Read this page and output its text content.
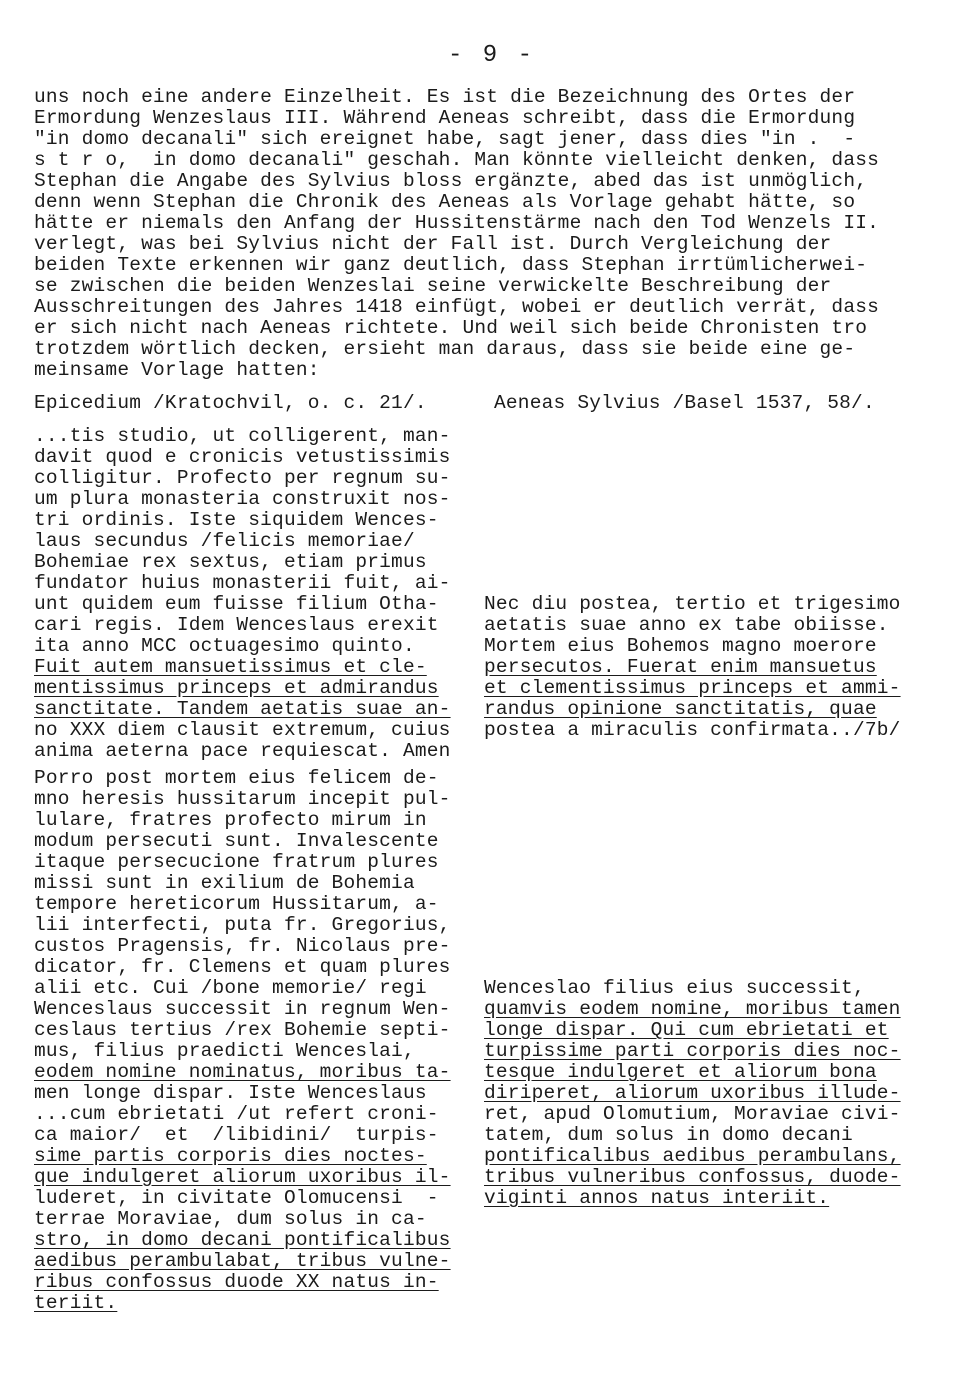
- 9 -
uns noch eine andere Einzelheit. Es ist die Bezeichnung des Ortes der
Ermordung Wenzeslaus III. Während Aeneas schreibt, dass die Ermordung
"in domo decanali" sich ereignet habe, sagt jener, dass dies "in .  -
s t r o,  in domo decanali" geschah. Man könnte vielleicht denken, dass
Stephan die Angabe des Sylvius bloss ergänzte, abed das ist unmöglich,
denn wenn Stephan die Chronik des Aeneas als Vorlage gehabt hätte, so
hätte er niemals den Anfang der Hussitenstärme nach den Tod Wenzels II.
verlegt, was bei Sylvius nicht der Fall ist. Durch Vergleichung der
beiden Texte erkennen wir ganz deutlich, dass Stephan irrtümlicherwei-
se zwischen die beiden Wenzeslai seine verwickelte Beschreibung der
Ausschreitungen des Jahres 1418 einfügt, wobei er deutlich verrät, dass
er sich nicht nach Aeneas richtete. Und weil sich beide Chronisten tro
trotzdem wörtlich decken, ersieht man daraus, dass sie beide eine ge-
meinsame Vorlage hatten:
Epicedium /Kratochvil, o. c. 21/.	Aeneas Sylvius /Basel 1537, 58/.
...tis studio, ut colligerent, man-
davit quod e cronicis vetustissimis
colligitur. Profecto per regnum su-
um plura monasteria construxit nos-
tri ordinis. Iste siquidem Wences-
laus secundus /felicis memoriae/
Bohemiae rex sextus, etiam primus
fundator huius monasterii fuit, ai-
unt quidem eum fuisse filium Otha-
cari regis. Idem Wenceslaus erexit
ita anno MCC octuagesimo quinto.
Fuit autem mansuetissimus et cle-
mentissimus princeps et admirandus
sanctitate. Tandem aetatis suae an-
no XXX diem clausit extremum, cuius
anima aeterna pace requiescat. Amen
Porro post mortem eius felicem de-
mno heresis hussitarum incepit pul-
lulare, fratres profecto mirum in
modum persecuti sunt. Invalescente
itaque persecucione fratrum plures
missi sunt in exilium de Bohemia
tempore hereticorum Hussitarum, a-
lii interfecti, puta fr. Gregorius,
custos Pragensis, fr. Nicolaus pre-
dicator, fr. Clemens et quam plures
alii etc. Cui /bone memorie/ regi
Wenceslaus successit in regnum Wen-
ceslaus tertius /rex Bohemie septi-
mus, filius praedicti Wenceslai,
eodem nomine nominatus, moribus ta-
men longe dispar. Iste Wenceslaus
...cum ebrietati /ut refert croni-
ca maior/  et  /libidini/  turpis-
sime partis corporis dies noctes-
que indulgeret aliorum uxoribus il-
luderet, in civitate Olomucensi  -
terrae Moraviae, dum solus in ca-
stro, in domo decani pontificalibus
aedibus perambulabat, tribus vulne-
ribus confossus duode XX natus in-
teriit.
Nec diu postea, tertio et trigesimo
aetatis suae anno ex tabe obiisse.
Mortem eius Bohemos magno moerore
persecutos. Fuerat enim mansuetus
et clementissimus princeps et ammi-
randus opinione sanctitatis, quae
postea a miraculis confirmata../7b/
Wenceslao filius eius successit,
quamvis eodem nomine, moribus tamen
longe dispar. Qui cum ebrietati et
turpissime parti corporis dies noc-
tesque indulgeret et aliorum bona
diriperet, aliorum uxoribus illude-
ret, apud Olomutium, Moraviae civi-
tatem, dum solus in domo decani
pontificalibus aedibus perambulans,
tribus vulneribus confossus, duode-
viginti annos natus interiit.
